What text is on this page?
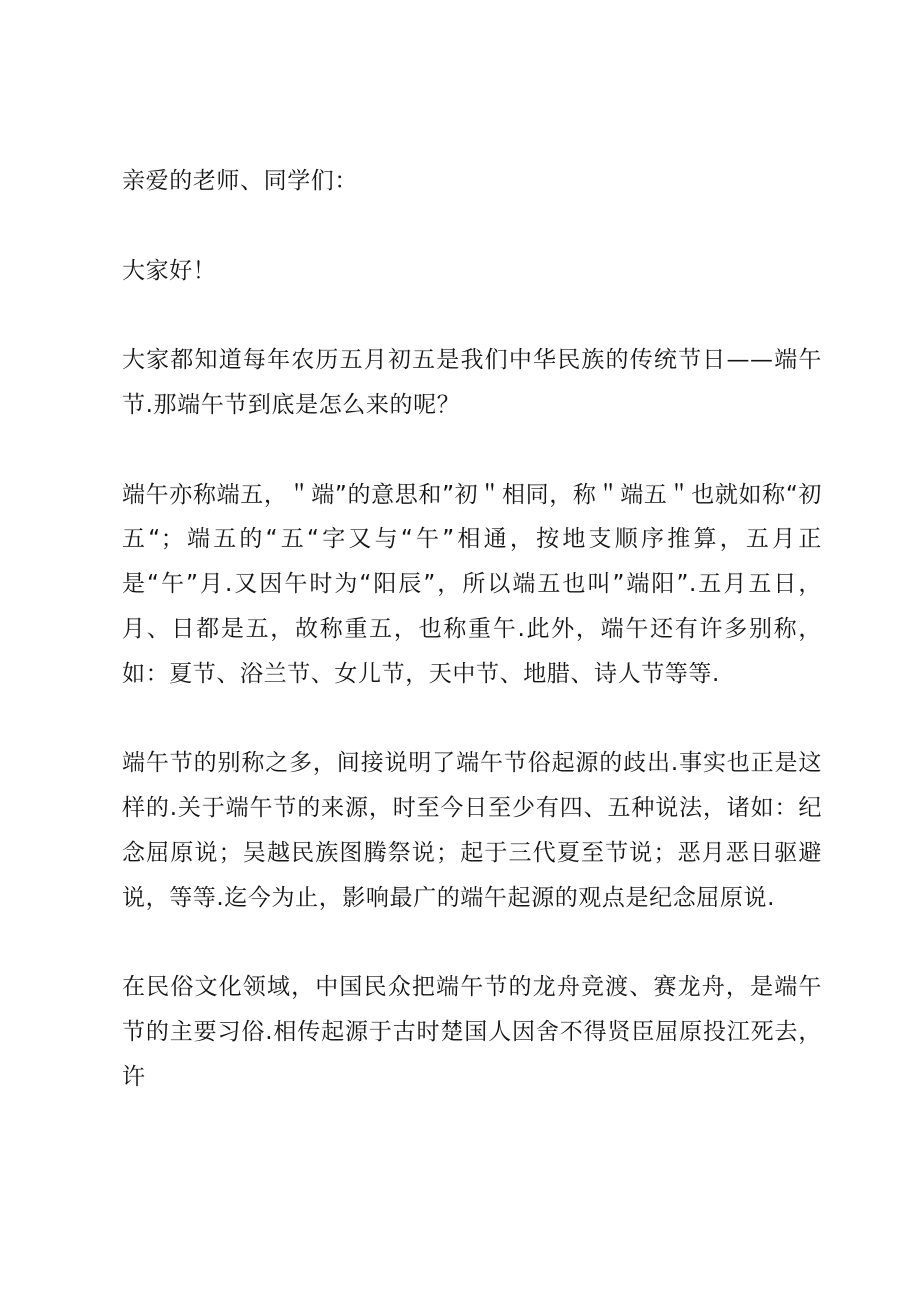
亲爱的老师、同学们：

大家好！

大家都知道每年农历五月初五是我们中华民族的传统节日——端午节.那端午节到底是怎么来的呢？

端午亦称端五，＂端”的意思和”初＂相同，称＂端五＂也就如称“初五“；端五的“五“字又与“午”相通，按地支顺序推算，五月正是“午”月.又因午时为“阳辰”，所以端五也叫”端阳”.五月五日，月、日都是五，故称重五，也称重午.此外，端午还有许多别称，如：夏节、浴兰节、女儿节，天中节、地腊、诗人节等等.

端午节的别称之多，间接说明了端午节俗起源的歧出.事实也正是这样的.关于端午节的来源，时至今日至少有四、五种说法，诸如：纪念屈原说；吴越民族图腾祭说；起于三代夏至节说；恶月恶日驱避说，等等.迄今为止，影响最广的端午起源的观点是纪念屈原说.

在民俗文化领域，中国民众把端午节的龙舟竞渡、赛龙舟，是端午节的主要习俗.相传起源于古时楚国人因舍不得贤臣屈原投江死去，许
